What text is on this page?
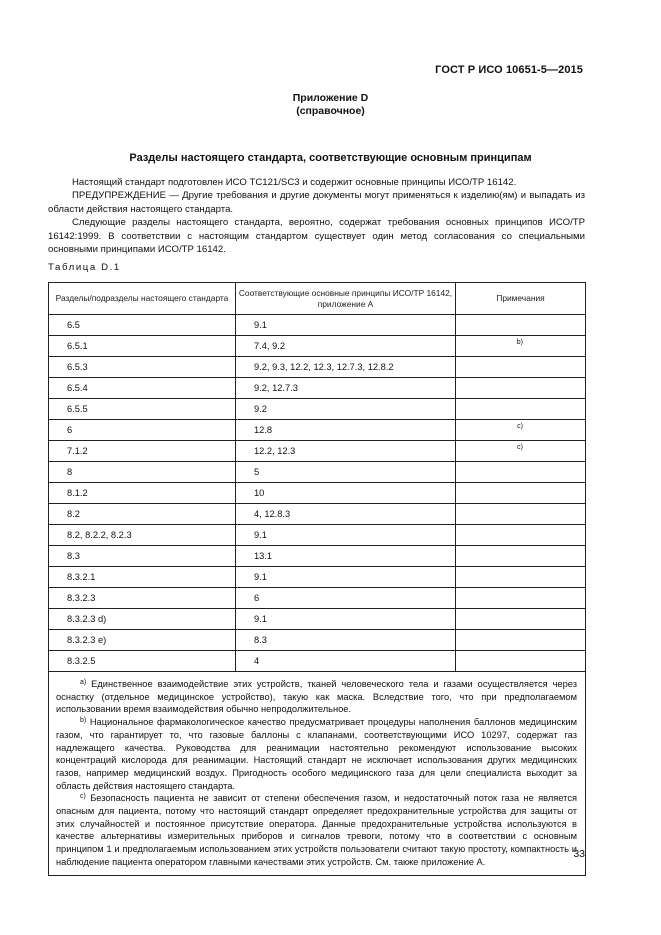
ГОСТ Р ИСО 10651-5—2015
Приложение D
(справочное)
Разделы настоящего стандарта, соответствующие основным принципам

Настоящий стандарт подготовлен ИСО TC121/SC3 и содержит основные принципы ИСО/ТР 16142.

ПРЕДУПРЕЖДЕНИЕ — Другие требования и другие документы могут применяться к изделию(ям) и выпадать из области действия настоящего стандарта.

Следующие разделы настоящего стандарта, вероятно, содержат требования основных принципов ИСО/ТР 16142:1999. В соответствии с настоящим стандартом существует один метод согласования со специальными основными принципами ИСО/ТР 16142.

Таблица D.1
Разделы/подразделы настоящего стандарта	Соответствующие основные принципы ИСО/ТР 16142, приложение А	Примечания
6.5	9.1	
6.5.1	7.4, 9.2	b)
6.5.3	9.2, 9.3, 12.2, 12.3, 12.7.3, 12.8.2	
6.5.4	9.2, 12.7.3	
6.5.5	9.2	
6	12.8	c)
7.1.2	12.2, 12.3	c)
8	5	
8.1.2	10	
8.2	4, 12.8.3	
8.2, 8.2.2, 8.2.3	9.1	
8.3	13.1	
8.3.2.1	9.1	
8.3.2.3	6	
8.3.2.3 d)	9.1	
8.3.2.3 e)	8.3	
8.3.2.5	4	

$^{a)}$ Единственное взаимодействие этих устройств, тканей человеческого тела и газами осуществляется через оснастку (отдельное медицинское устройство), такую как маска. Вследствие того, что при предполагаемом использовании время взаимодействия обычно непродолжительное.

$^{b)}$ Национальное фармакологическое качество предусматривает процедуры наполнения баллонов медицинским газом, что гарантирует то, что газовые баллоны с клапанами, соответствующими ИСО 10297, содержат газ надлежащего качества. Руководства для реанимации настоятельно рекомендуют использование высоких концентраций кислорода для реанимации. Настоящий стандарт не исключает использования других медицинских газов, например медицинский воздух. Пригодность особого медицинского газа для цели специалиста выходит за область действия настоящего стандарта.

$^{c)}$ Безопасность пациента не зависит от степени обеспечения газом, и недостаточный поток газа не является опасным для пациента, потому что настоящий стандарт определяет предохранительные устройства для защиты от этих случайностей и постоянное присутствие оператора. Данные предохранительные устройства используются в качестве альтернативы измерительных приборов и сигналов тревоги, потому что в соответствии с основным принципом 1 и предполагаемым использованием этих устройств пользователи считают такую простоту, компактность и наблюдение пациента оператором главными качествами этих устройств. См. также приложение А.		

33
